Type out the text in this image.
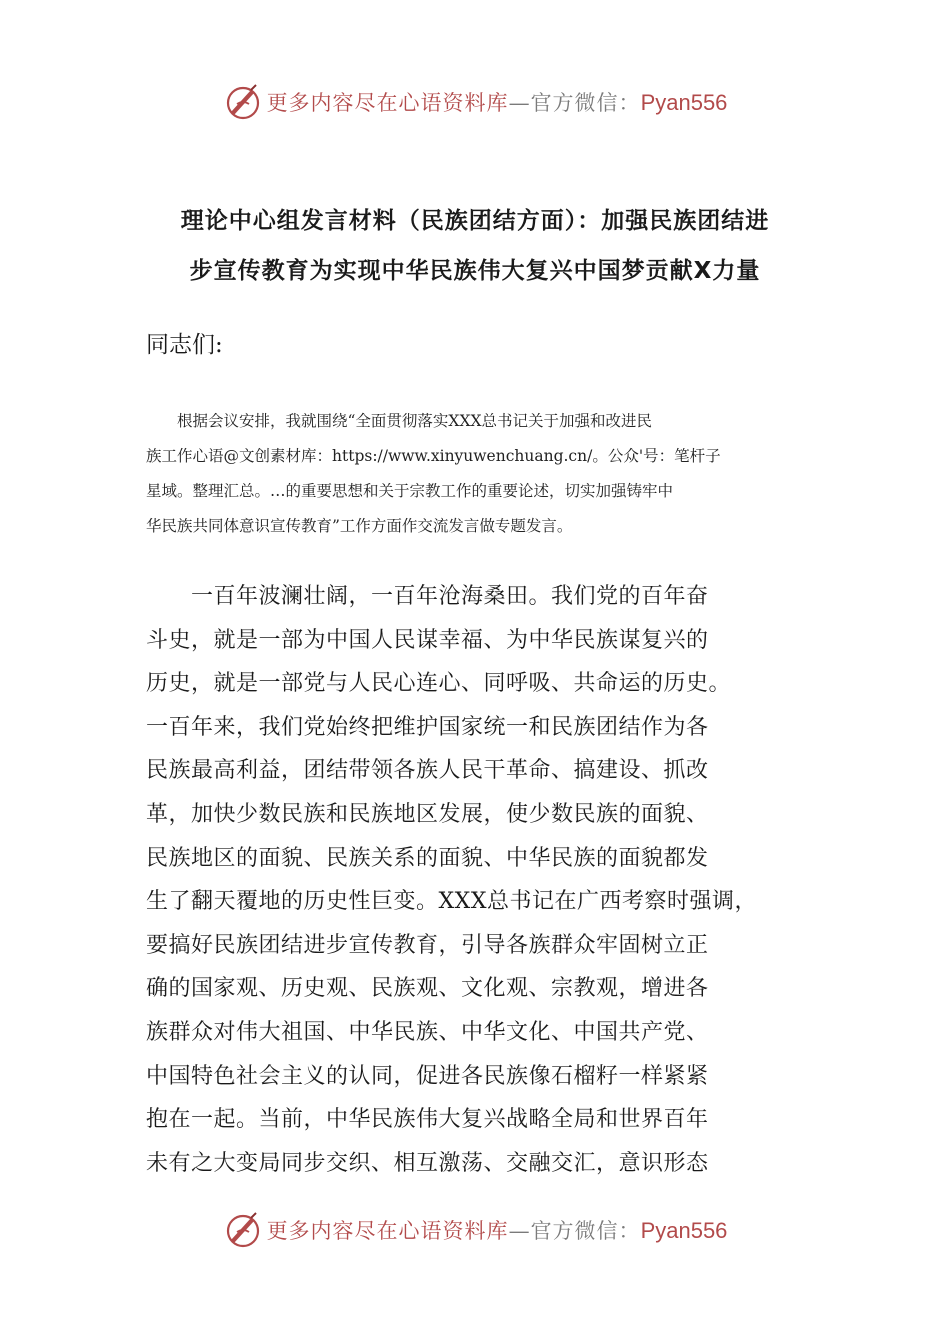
更多内容尽在心语资料库—官方微信：Pyan556
理论中心组发言材料（民族团结方面）：加强民族团结进
步宣传教育为实现中华民族伟大复兴中国梦贡献X力量
同志们:
　　根据会议安排，我就围绕“全面贯彻落实XXX总书记关于加强和改进民
族工作心语@文创素材库：https://www.xinyuwenchuang.cn/。公众'号：笔杆子
星域。整理汇总。…的重要思想和关于宗教工作的重要论述，切实加强铸牢中
华民族共同体意识宣传教育”工作方面作交流发言做专题发言。
　　一百年波澜壮阔，一百年沧海桑田。我们党的百年奋
斗史，就是一部为中国人民谋幸福、为中华民族谋复兴的
历史，就是一部党与人民心连心、同呼吸、共命运的历史。
一百年来，我们党始终把维护国家统一和民族团结作为各
民族最高利益，团结带领各族人民干革命、搞建设、抓改
革，加快少数民族和民族地区发展，使少数民族的面貌、
民族地区的面貌、民族关系的面貌、中华民族的面貌都发
生了翻天覆地的历史性巨变。XXX总书记在广西考察时强调，
要搞好民族团结进步宣传教育，引导各族群众牢固树立正
确的国家观、历史观、民族观、文化观、宗教观，增进各
族群众对伟大祖国、中华民族、中华文化、中国共产党、
中国特色社会主义的认同，促进各民族像石榴籽一样紧紧
抱在一起。当前，中华民族伟大复兴战略全局和世界百年
未有之大变局同步交织、相互激荡、交融交汇，意识形态
更多内容尽在心语资料库—官方微信：Pyan556
